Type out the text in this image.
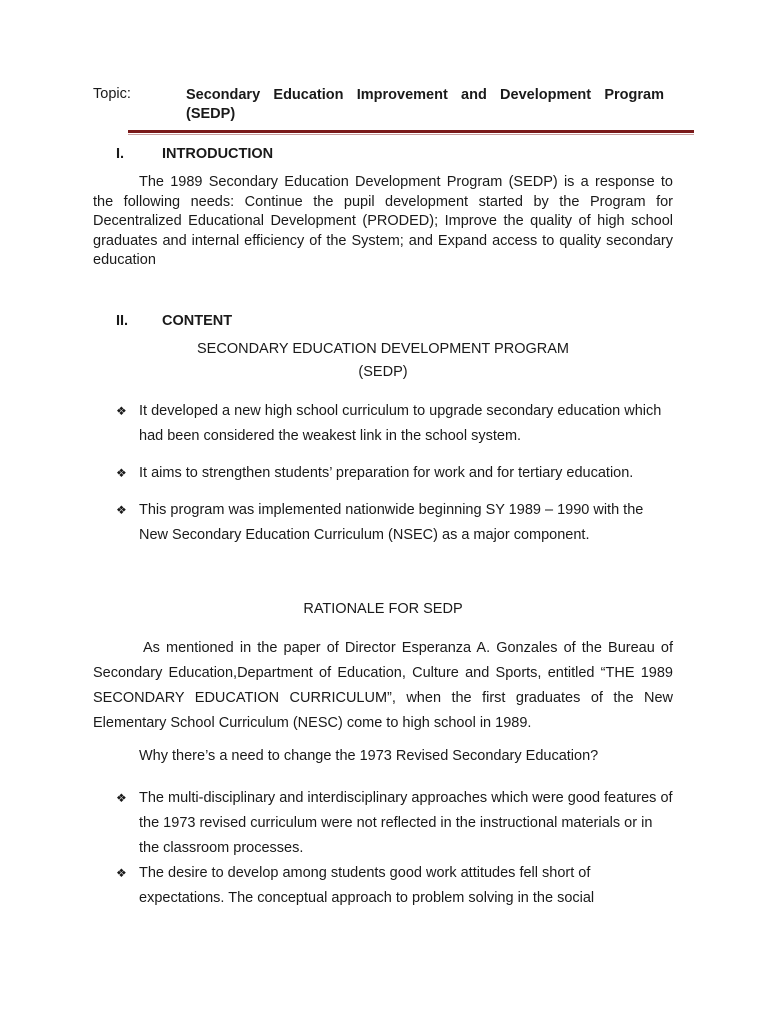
Topic:	Secondary Education Improvement and Development Program
(SEDP)
I.	INTRODUCTION

The 1989 Secondary Education Development Program (SEDP) is a response to the following needs: Continue the pupil development started by the Program for Decentralized Educational Development (PRODED); Improve the quality of high school graduates and internal efficiency of the System; and Expand access to quality secondary education

II. CONTENT
SECONDARY EDUCATION DEVELOPMENT PROGRAM
(SEDP)
❖ It developed a new high school curriculum to upgrade secondary education which had been considered the weakest link in the school system.
❖ It aims to strengthen students’ preparation for work and for tertiary education.
❖ This program was implemented nationwide beginning SY 1989 – 1990 with the New Secondary Education Curriculum (NSEC) as a major component.
RATIONALE FOR SEDP

As mentioned in the paper of Director Esperanza A. Gonzales of the Bureau of Secondary Education,Department of Education, Culture and Sports, entitled “THE 1989 SECONDARY EDUCATION CURRICULUM”, when the first graduates of the New Elementary School Curriculum (NESC) come to high school in 1989.

Why there’s a need to change the 1973 Revised Secondary Education?
❖ The multi-disciplinary and interdisciplinary approaches which were good features of the 1973 revised curriculum were not reflected in the instructional materials or in the classroom processes.
❖ The desire to develop among students good work attitudes fell short of expectations. The conceptual approach to problem solving in the social
